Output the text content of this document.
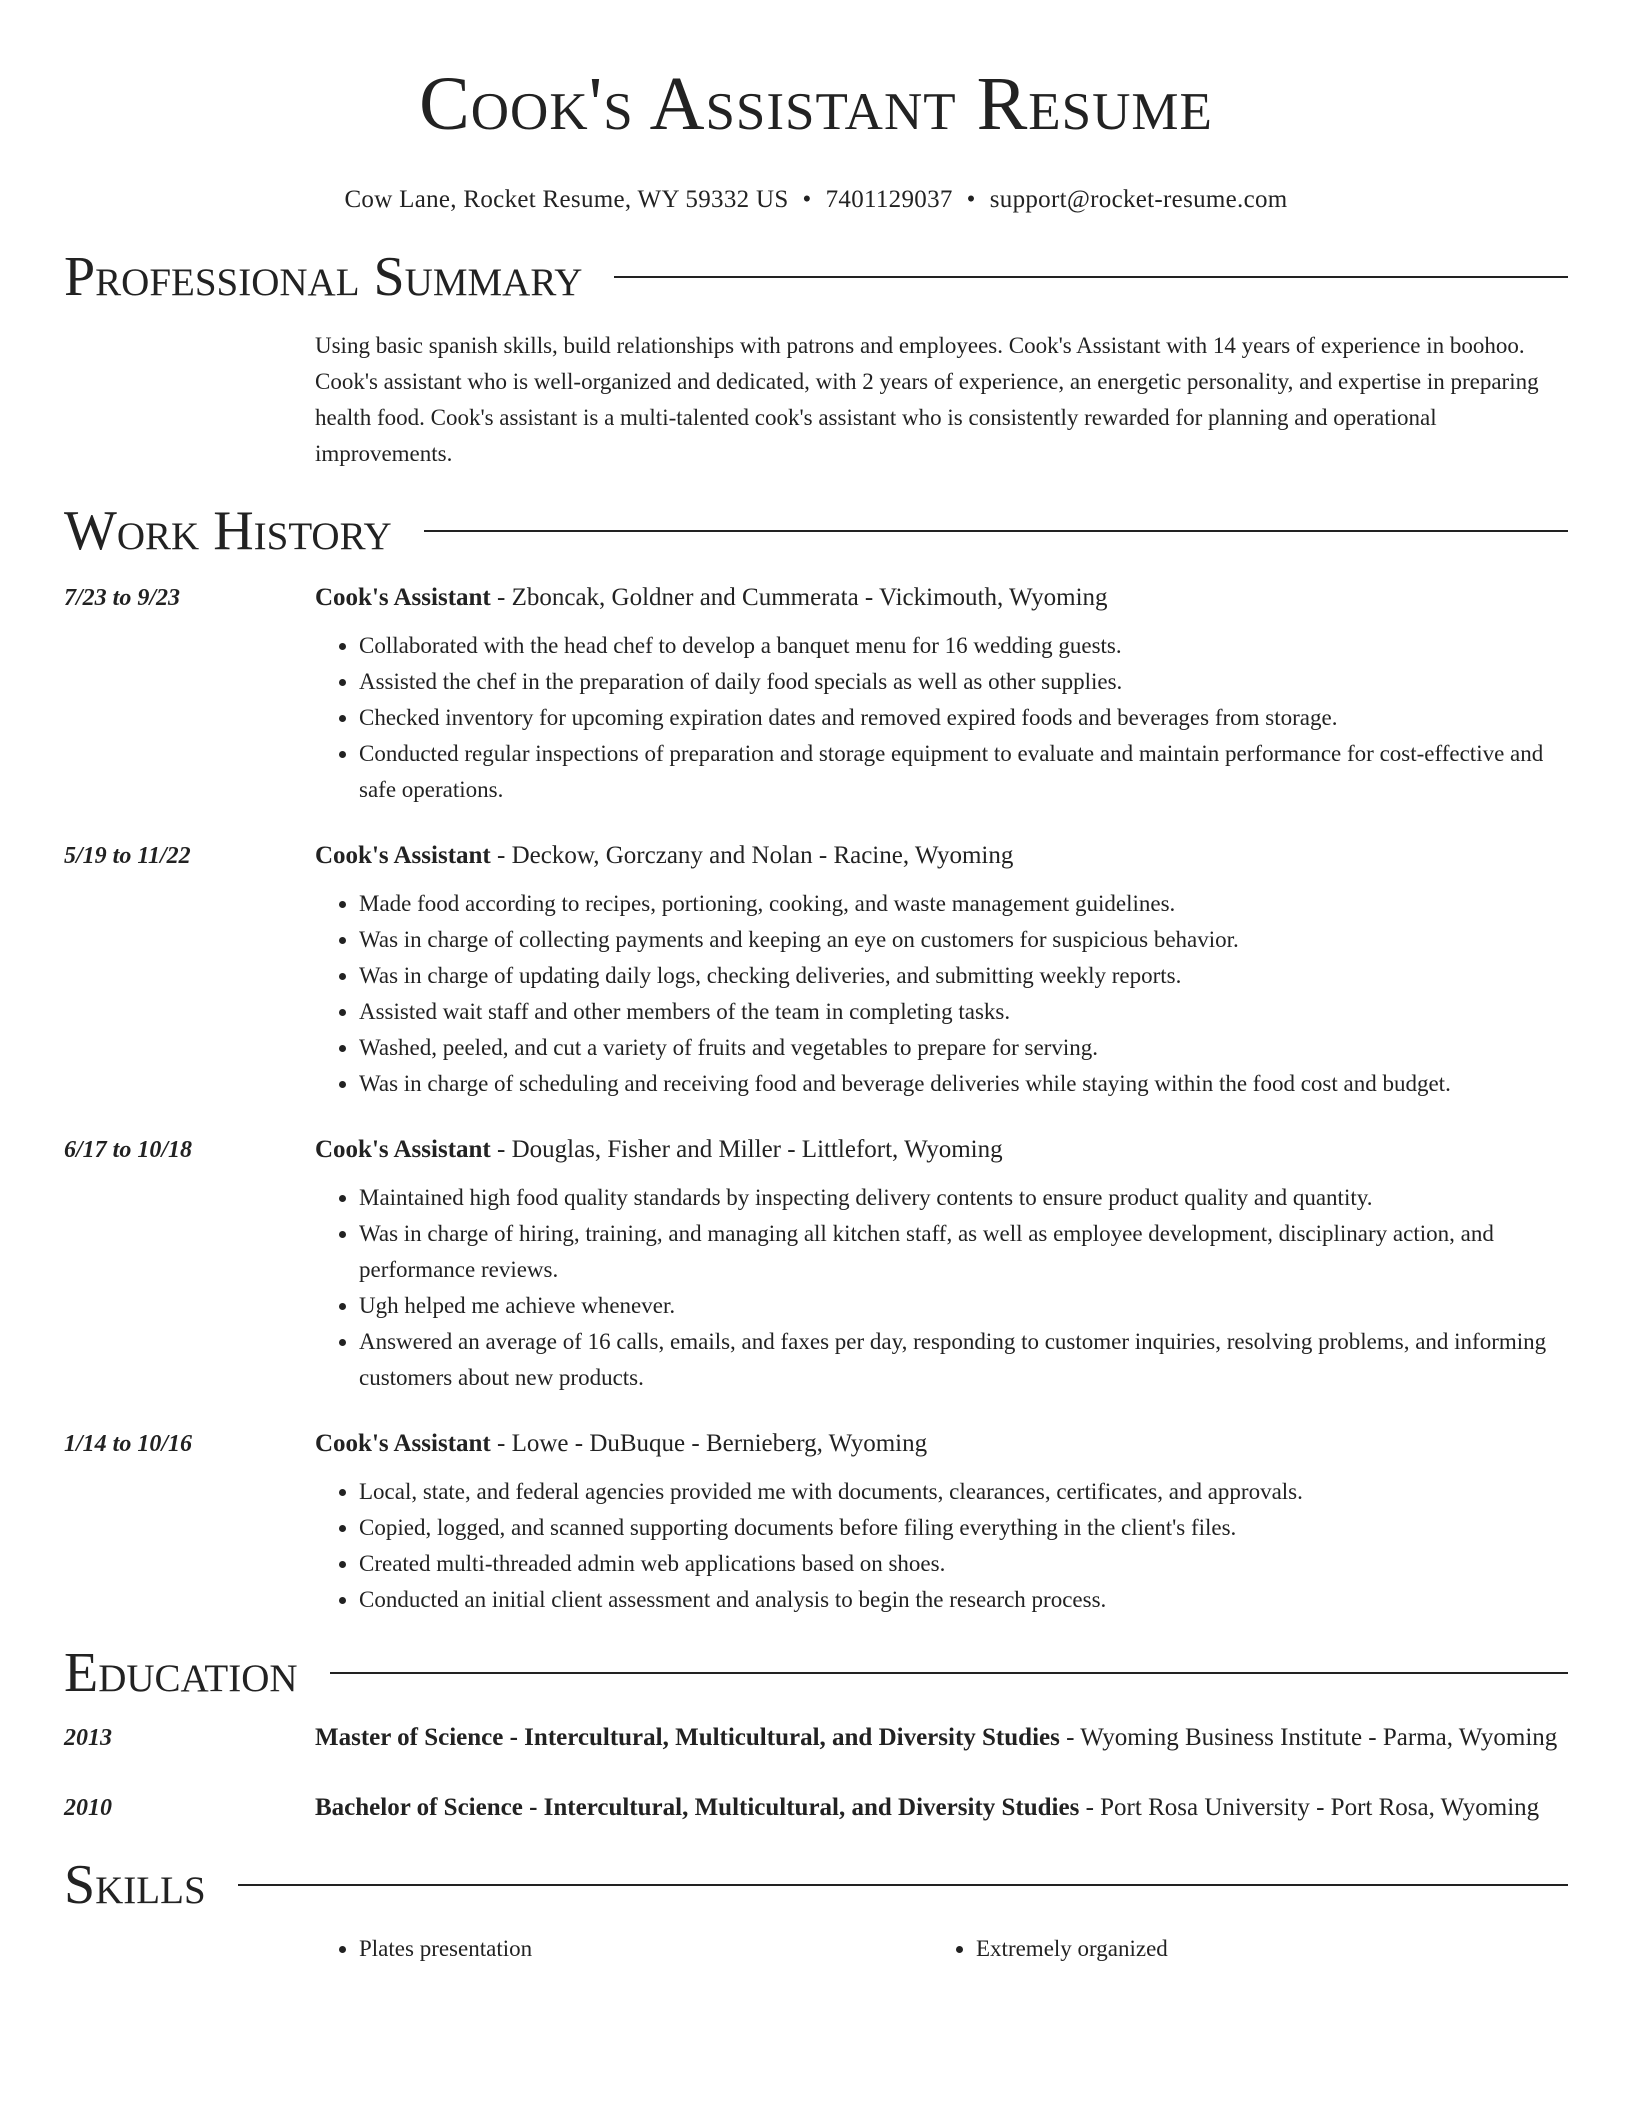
Cook's Assistant Resume
Cow Lane, Rocket Resume, WY 59332 US • 7401129037 • support@rocket-resume.com
Professional Summary
Using basic spanish skills, build relationships with patrons and employees. Cook's Assistant with 14 years of experience in boohoo. Cook's assistant who is well-organized and dedicated, with 2 years of experience, an energetic personality, and expertise in preparing health food. Cook's assistant is a multi-talented cook's assistant who is consistently rewarded for planning and operational improvements.
Work History
7/23 to 9/23	Cook's Assistant - Zboncak, Goldner and Cummerata - Vickimouth, Wyoming
• Collaborated with the head chef to develop a banquet menu for 16 wedding guests.
• Assisted the chef in the preparation of daily food specials as well as other supplies.
• Checked inventory for upcoming expiration dates and removed expired foods and beverages from storage.
• Conducted regular inspections of preparation and storage equipment to evaluate and maintain performance for cost-effective and safe operations.
5/19 to 11/22	Cook's Assistant - Deckow, Gorczany and Nolan - Racine, Wyoming
• Made food according to recipes, portioning, cooking, and waste management guidelines.
• Was in charge of collecting payments and keeping an eye on customers for suspicious behavior.
• Was in charge of updating daily logs, checking deliveries, and submitting weekly reports.
• Assisted wait staff and other members of the team in completing tasks.
• Washed, peeled, and cut a variety of fruits and vegetables to prepare for serving.
• Was in charge of scheduling and receiving food and beverage deliveries while staying within the food cost and budget.
6/17 to 10/18	Cook's Assistant - Douglas, Fisher and Miller - Littlefort, Wyoming
• Maintained high food quality standards by inspecting delivery contents to ensure product quality and quantity.
• Was in charge of hiring, training, and managing all kitchen staff, as well as employee development, disciplinary action, and performance reviews.
• Ugh helped me achieve whenever.
• Answered an average of 16 calls, emails, and faxes per day, responding to customer inquiries, resolving problems, and informing customers about new products.
1/14 to 10/16	Cook's Assistant - Lowe - DuBuque - Bernieberg, Wyoming
• Local, state, and federal agencies provided me with documents, clearances, certificates, and approvals.
• Copied, logged, and scanned supporting documents before filing everything in the client's files.
• Created multi-threaded admin web applications based on shoes.
• Conducted an initial client assessment and analysis to begin the research process.
Education
2013	Master of Science - Intercultural, Multicultural, and Diversity Studies - Wyoming Business Institute - Parma, Wyoming
2010	Bachelor of Science - Intercultural, Multicultural, and Diversity Studies - Port Rosa University - Port Rosa, Wyoming
Skills
• Plates presentation
•	Extremely organized
